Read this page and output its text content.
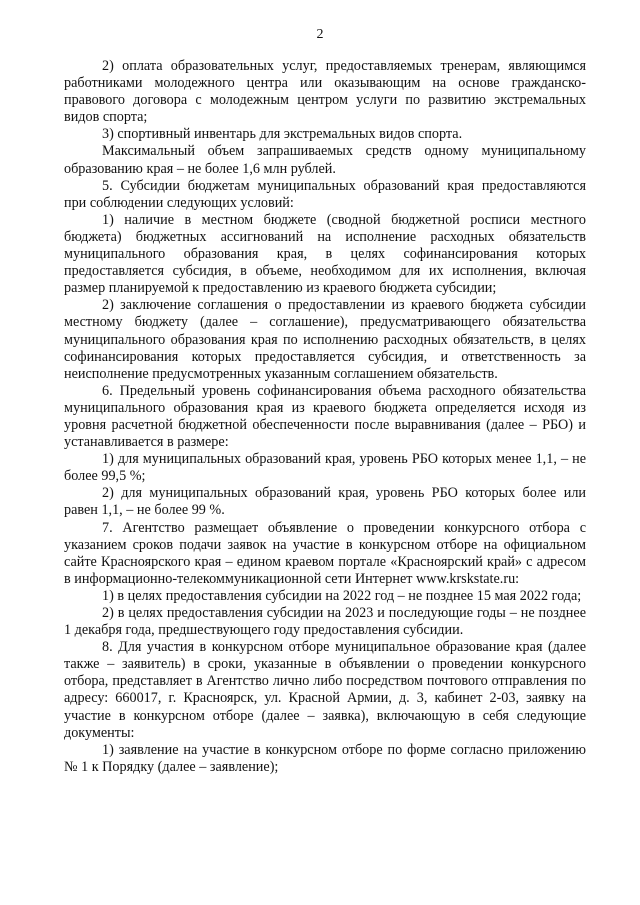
2

2) оплата образовательных услуг, предоставляемых тренерам, являющимся работниками молодежного центра или оказывающим на основе гражданско-правового договора с молодежным центром услуги по развитию экстремальных видов спорта;

3) спортивный инвентарь для экстремальных видов спорта.

Максимальный объем запрашиваемых средств одному муниципальному образованию края – не более 1,6 млн рублей.

5. Субсидии бюджетам муниципальных образований края предоставляются при соблюдении следующих условий:

1) наличие в местном бюджете (сводной бюджетной росписи местного бюджета) бюджетных ассигнований на исполнение расходных обязательств муниципального образования края, в целях софинансирования которых предоставляется субсидия, в объеме, необходимом для их исполнения, включая размер планируемой к предоставлению из краевого бюджета субсидии;

2) заключение соглашения о предоставлении из краевого бюджета субсидии местному бюджету (далее – соглашение), предусматривающего обязательства муниципального образования края по исполнению расходных обязательств, в целях софинансирования которых предоставляется субсидия, и ответственность за неисполнение предусмотренных указанным соглашением обязательств.

6. Предельный уровень софинансирования объема расходного обязательства муниципального образования края из краевого бюджета определяется исходя из уровня расчетной бюджетной обеспеченности после выравнивания (далее – РБО) и устанавливается в размере:

1) для муниципальных образований края, уровень РБО которых менее 1,1, – не более 99,5 %;

2) для муниципальных образований края, уровень РБО которых более или равен 1,1, – не более 99 %.

7. Агентство размещает объявление о проведении конкурсного отбора с указанием сроков подачи заявок на участие в конкурсном отборе на официальном сайте Красноярского края – едином краевом портале «Красноярский край» с адресом в информационно-телекоммуникационной сети Интернет www.krskstate.ru:

1) в целях предоставления субсидии на 2022 год – не позднее 15 мая 2022 года;

2) в целях предоставления субсидии на 2023 и последующие годы – не позднее 1 декабря года, предшествующего году предоставления субсидии.

8. Для участия в конкурсном отборе муниципальное образование края (далее также – заявитель) в сроки, указанные в объявлении о проведении конкурсного отбора, представляет в Агентство лично либо посредством почтового отправления по адресу: 660017, г. Красноярск, ул. Красной Армии, д. 3, кабинет 2-03, заявку на участие в конкурсном отборе (далее – заявка), включающую в себя следующие документы:

1) заявление на участие в конкурсном отборе по форме согласно приложению № 1 к Порядку (далее – заявление);
